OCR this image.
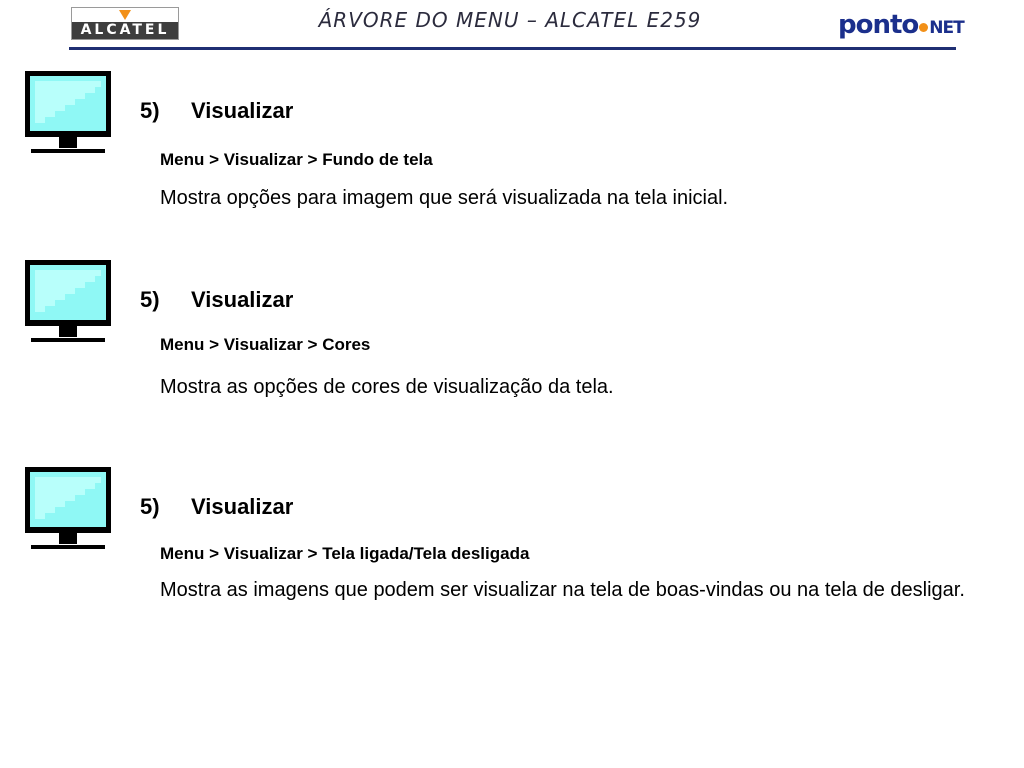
ALCATEL	ÁRVORE DO MENU – ALCATEL E259	ponto NET
5) Visualizar
Menu > Visualizar > Fundo de tela
Mostra opções para imagem que será visualizada na tela inicial.
5) Visualizar
Menu > Visualizar > Cores
Mostra as opções de cores de visualização da tela.
5) Visualizar
Menu > Visualizar > Tela ligada/Tela desligada
Mostra as imagens que podem ser visualizar na tela de boas-vindas ou na tela de desligar.
